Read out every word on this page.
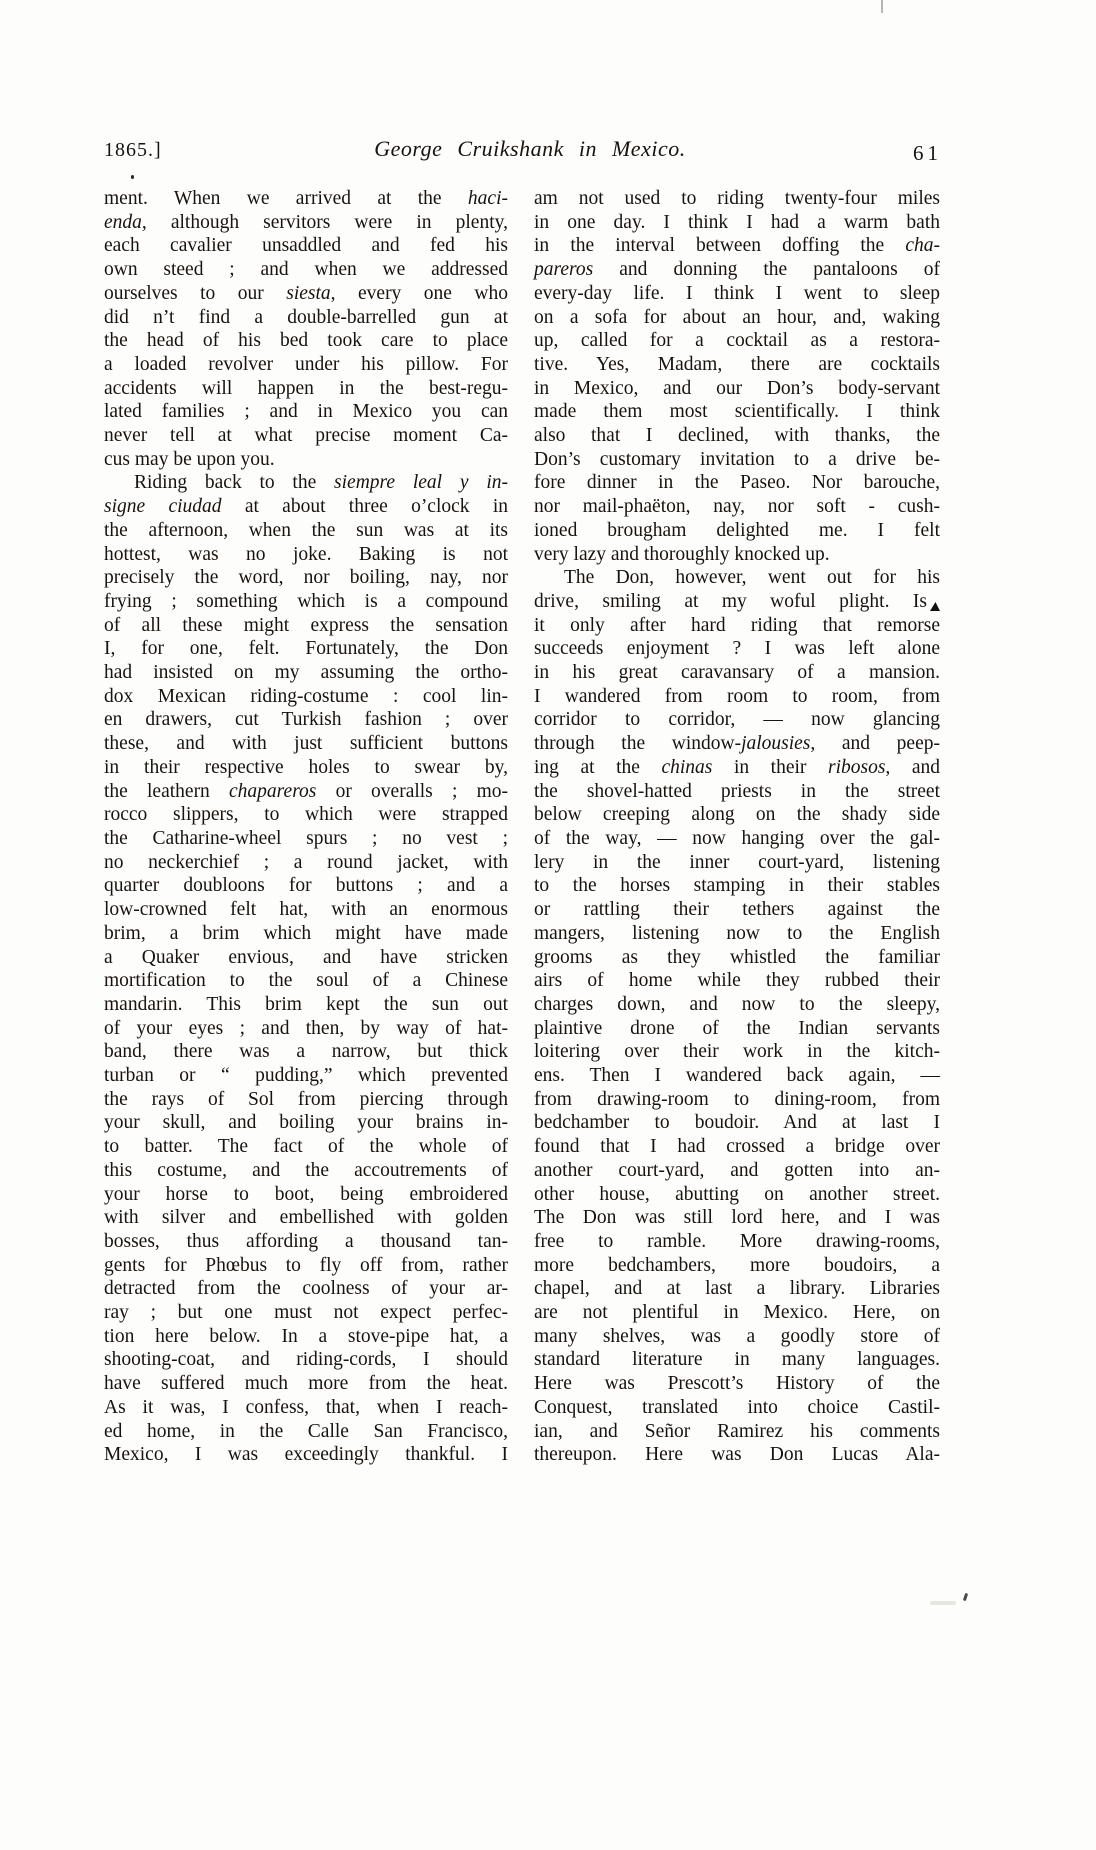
1865.]	George Cruikshank in Mexico.	61
ment. When we arrived at the haci-
enda, although servitors were in plenty,
each cavalier unsaddled and fed his
own steed ; and when we addressed
ourselves to our siesta, every one who
did n’t find a double-barrelled gun at
the head of his bed took care to place
a loaded revolver under his pillow. For
accidents will happen in the best-regu-
lated families ; and in Mexico you can
never tell at what precise moment Ca-
cus may be upon you.
Riding back to the siempre leal y in-
signe ciudad at about three o’clock in
the afternoon, when the sun was at its
hottest, was no joke. Baking is not
precisely the word, nor boiling, nay, nor
frying ; something which is a compound
of all these might express the sensation
I, for one, felt. Fortunately, the Don
had insisted on my assuming the ortho-
dox Mexican riding-costume : cool lin-
en drawers, cut Turkish fashion ; over
these, and with just sufficient buttons
in their respective holes to swear by,
the leathern chapareros or overalls ; mo-
rocco slippers, to which were strapped
the Catharine-wheel spurs ; no vest ;
no neckerchief ; a round jacket, with
quarter doubloons for buttons ; and a
low-crowned felt hat, with an enormous
brim, a brim which might have made
a Quaker envious, and have stricken
mortification to the soul of a Chinese
mandarin. This brim kept the sun out
of your eyes ; and then, by way of hat-
band, there was a narrow, but thick
turban or “ pudding,” which prevented
the rays of Sol from piercing through
your skull, and boiling your brains in-
to batter. The fact of the whole of
this costume, and the accoutrements of
your horse to boot, being embroidered
with silver and embellished with golden
bosses, thus affording a thousand tan-
gents for Phœbus to fly off from, rather
detracted from the coolness of your ar-
ray ; but one must not expect perfec-
tion here below. In a stove-pipe hat, a
shooting-coat, and riding-cords, I should
have suffered much more from the heat.
As it was, I confess, that, when I reach-
ed home, in the Calle San Francisco,
Mexico, I was exceedingly thankful. I
am not used to riding twenty-four miles
in one day. I think I had a warm bath
in the interval between doffing the cha-
pareros and donning the pantaloons of
every-day life. I think I went to sleep
on a sofa for about an hour, and, waking
up, called for a cocktail as a restora-
tive. Yes, Madam, there are cocktails
in Mexico, and our Don’s body-servant
made them most scientifically. I think
also that I declined, with thanks, the
Don’s customary invitation to a drive be-
fore dinner in the Paseo. Nor barouche,
nor mail-phaëton, nay, nor soft - cush-
ioned brougham delighted me. I felt
very lazy and thoroughly knocked up.
The Don, however, went out for his
drive, smiling at my woful plight. Is
it only after hard riding that remorse
succeeds enjoyment ? I was left alone
in his great caravansary of a mansion.
I wandered from room to room, from
corridor to corridor, — now glancing
through the window-jalousies, and peep-
ing at the chinas in their ribosos, and
the shovel-hatted priests in the street
below creeping along on the shady side
of the way, — now hanging over the gal-
lery in the inner court-yard, listening
to the horses stamping in their stables
or rattling their tethers against the
mangers, listening now to the English
grooms as they whistled the familiar
airs of home while they rubbed their
charges down, and now to the sleepy,
plaintive drone of the Indian servants
loitering over their work in the kitch-
ens. Then I wandered back again, —
from drawing-room to dining-room, from
bedchamber to boudoir. And at last I
found that I had crossed a bridge over
another court-yard, and gotten into an-
other house, abutting on another street.
The Don was still lord here, and I was
free to ramble. More drawing-rooms,
more bedchambers, more boudoirs, a
chapel, and at last a library. Libraries
are not plentiful in Mexico. Here, on
many shelves, was a goodly store of
standard literature in many languages.
Here was Prescott’s History of the
Conquest, translated into choice Castil-
ian, and Señor Ramirez his comments
thereupon. Here was Don Lucas Ala-
